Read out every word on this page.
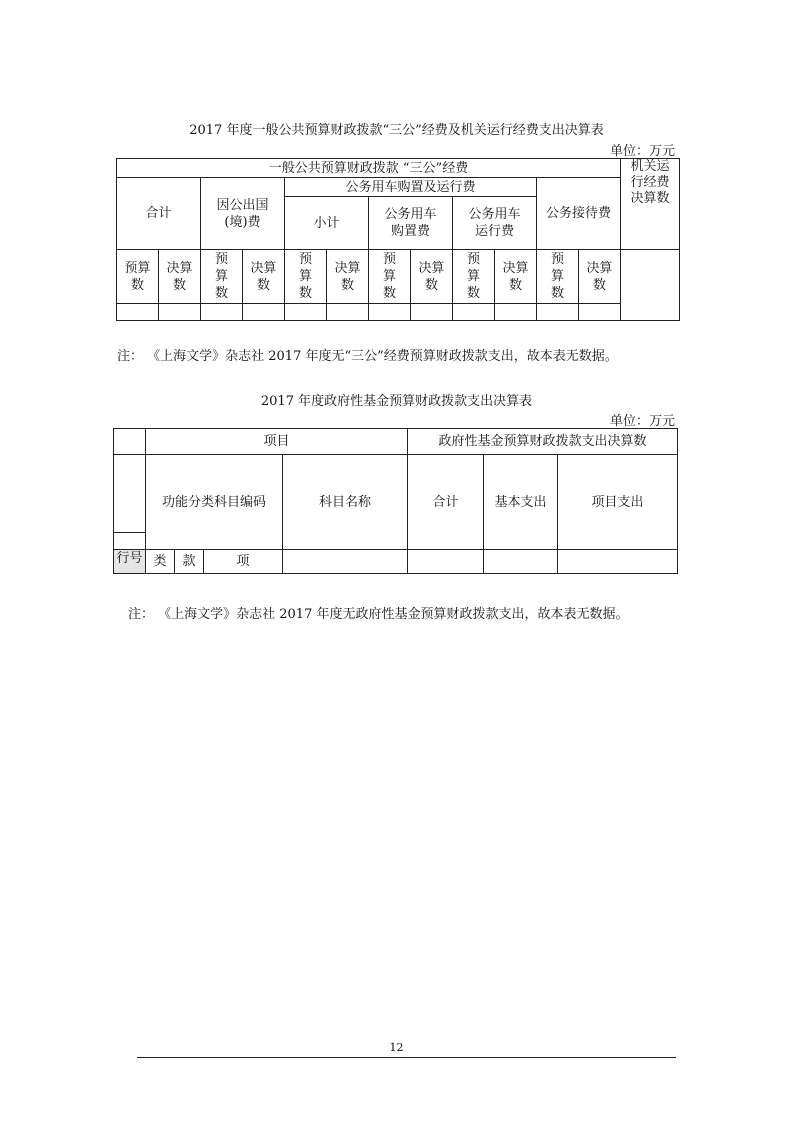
2017 年度一般公共预算财政拨款“三公”经费及机关运行经费支出决算表
单位：万元
一般公共预算财政拨款 “三公”经费												机关运行经费决算数
合计		因公出国(境)费		公务用车购置及运行费						公务接待费		
				小计		公务用车购置费		公务用车运行费				
预算数	决算数	预算数	决算数	预算数	决算数	预算数	决算数	预算数	决算数	预算数	决算数	

注： 《上海文学》杂志社 2017 年度无“三公”经费预算财政拨款支出，故本表无数据。
2017 年度政府性基金预算财政拨款支出决算表
单位：万元
	项目				政府性基金预算财政拨款支出决算数		
	功能分类科目编码			科目名称	合计	基本支出	项目支出

行号	类	款	项				
注： 《上海文学》杂志社 2017 年度无政府性基金预算财政拨款支出，故本表无数据。
12
